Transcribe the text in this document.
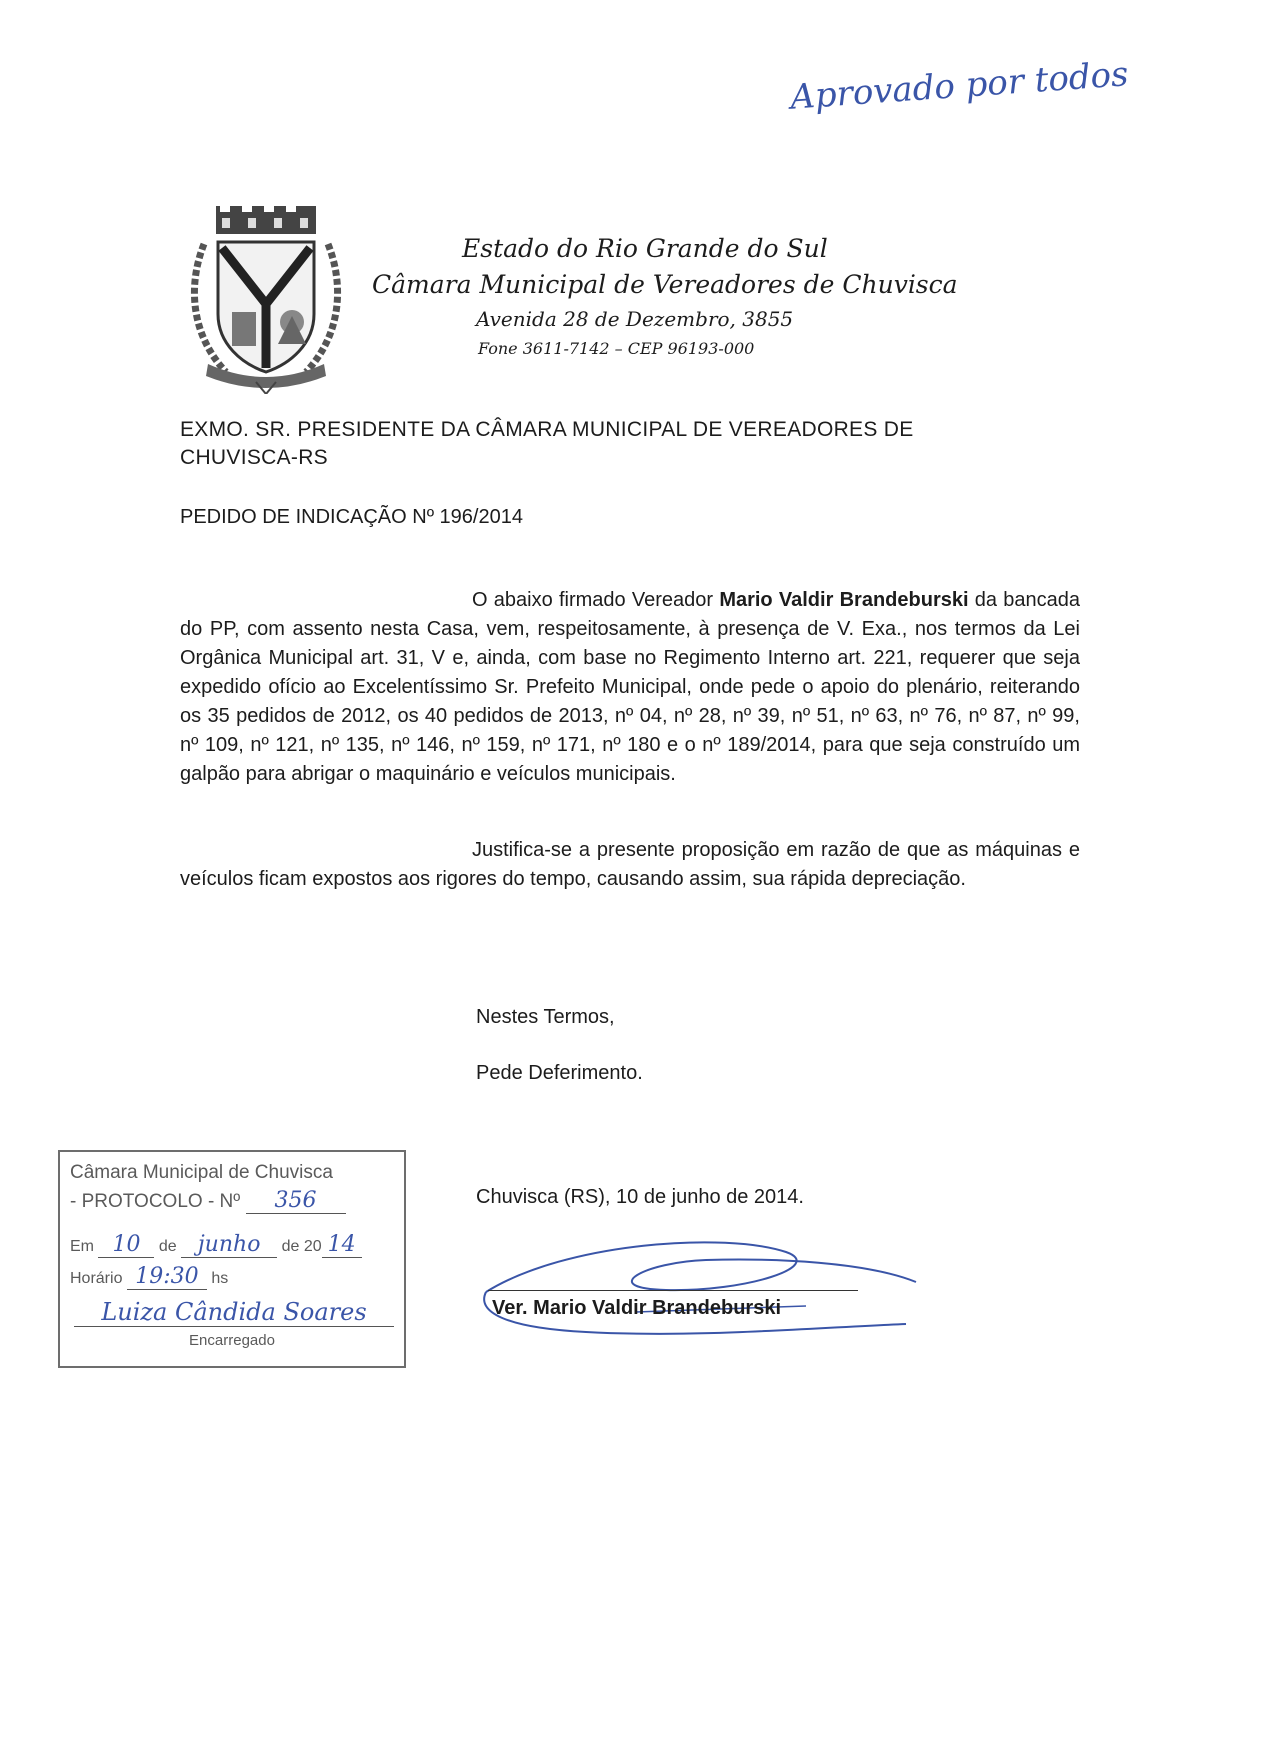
Aprovado por todos
Estado do Rio Grande do Sul
Câmara Municipal de Vereadores de Chuvisca
Avenida 28 de Dezembro, 3855
Fone 3611-7142 – CEP 96193-000
EXMO. SR. PRESIDENTE DA CÂMARA MUNICIPAL DE VEREADORES DE
CHUVISCA-RS
PEDIDO DE INDICAÇÃO Nº 196/2014
O abaixo firmado Vereador Mario Valdir Brandeburski da bancada do PP, com assento nesta Casa, vem, respeitosamente, à presença de V. Exa., nos termos da Lei Orgânica Municipal art. 31, V e, ainda, com base no Regimento Interno art. 221, requerer que seja expedido ofício ao Excelentíssimo Sr. Prefeito Municipal, onde pede o apoio do plenário, reiterando os 35 pedidos de 2012, os 40 pedidos de 2013, nº 04, nº 28, nº 39, nº 51, nº 63, nº 76, nº 87, nº 99, nº 109, nº 121, nº 135, nº 146, nº 159, nº 171, nº 180 e o nº 189/2014, para que seja construído um galpão para abrigar o maquinário e veículos municipais.
Justifica-se a presente proposição em razão de que as máquinas e veículos ficam expostos aos rigores do tempo, causando assim, sua rápida depreciação.
Nestes Termos,
Pede Deferimento.
Chuvisca (RS), 10 de junho de 2014.
Ver. Mario Valdir Brandeburski
Câmara Municipal de Chuvisca
- PROTOCOLO - Nº 356
Em 10 de junho de 20 14
Horário 19:30 hs
Luiza Cândida Soares
Encarregado
